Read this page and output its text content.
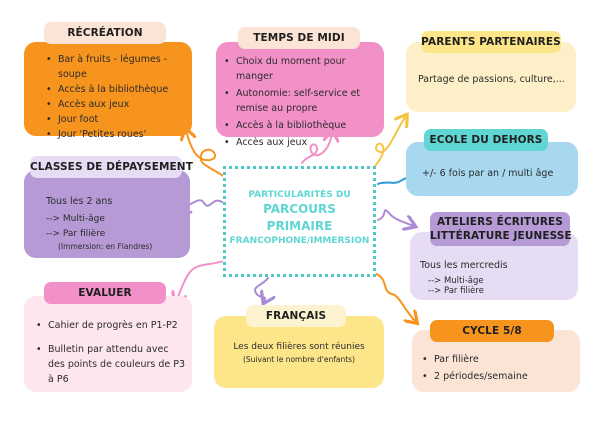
PARTICULARITÉS DU
PARCOURS
PRIMAIRE
FRANCOPHONE/IMMERSION
• Bar à fruits - légumes - soupe
• Accès à la bibliothèque
• Accès aux jeux
• Jour foot
• Jour 'Petites roues'
RÉCRÉATION
• Choix du moment pour manger
• Autonomie: self-service et remise au propre
• Accès à la bibliothèque
• Accès aux jeux
TEMPS DE MIDI
Partage de passions, culture,...
PARENTS PARTENAIRES
+/- 6 fois par an / multi âge
ECOLE DU DEHORS
Tous les 2 ans
--> Multi-âge
--> Par filière
(Immersion: en Flandres)
CLASSES DE DÉPAYSEMENT
Tous les mercredis
--> Multi-âge
--> Par filière
ATELIERS ÉCRITURES
LITTÉRATURE JEUNESSE
• Cahier de progrès en P1-P2
• Bulletin par attendu avec des points de couleurs de P3 à P6
EVALUER
Les deux filières sont réunies
(Suivant le nombre d'enfants)
FRANÇAIS
• Par filière
• 2 périodes/semaine
CYCLE 5/8
